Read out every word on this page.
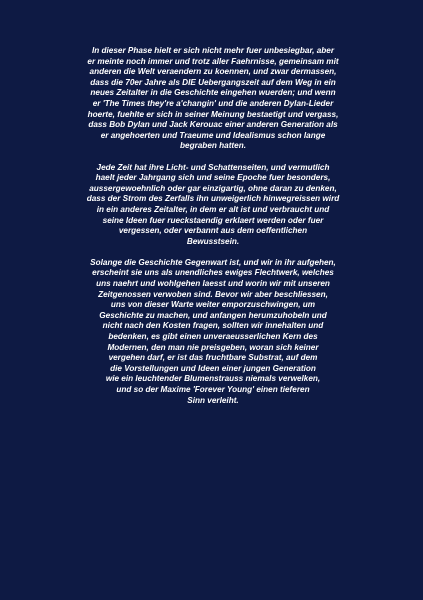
In dieser Phase hielt er sich nicht mehr fuer unbesiegbar, aber
er meinte noch immer und trotz aller Faehrnisse, gemeinsam mit
anderen die Welt veraendern zu koennen, und zwar dermassen,
dass die 70er Jahre als DIE Uebergangszeit auf dem Weg in ein
neues Zeitalter in die Geschichte eingehen wuerden; und wenn
er 'The Times they're a'changin' und die anderen Dylan-Lieder
hoerte, fuehlte er sich in seiner Meinung bestaetigt und vergass,
dass Bob Dylan und Jack Kerouac einer anderen Generation als
er angehoerten und Traeume und Idealismus schon lange
begraben hatten.

Jede Zeit hat ihre Licht- und Schattenseiten, und vermutlich
haelt jeder Jahrgang sich und seine Epoche fuer besonders,
aussergewoehnlich oder gar einzigartig, ohne daran zu denken,
dass der Strom des Zerfalls ihn unweigerlich hinwegreissen wird
in ein anderes Zeitalter, in dem er alt ist und verbraucht und
seine Ideen fuer rueckstaendig erklaert werden oder fuer
vergessen, oder verbannt aus dem oeffentlichen
Bewusstsein.

Solange die Geschichte Gegenwart ist, und wir in ihr aufgehen,
erscheint sie uns als unendliches ewiges Flechtwerk, welches
uns naehrt und wohlgehen laesst und worin wir mit unseren
Zeitgenossen verwoben sind. Bevor wir aber beschliessen,
uns von dieser Warte weiter emporzuschwingen, um
Geschichte zu machen, und anfangen herumzuhobeln und
nicht nach den Kosten fragen, sollten wir innehalten und
bedenken, es gibt einen unveraeusserlichen Kern des
Modernen, den man nie preisgeben, woran sich keiner
vergehen darf, er ist das fruchtbare Substrat, auf dem
die Vorstellungen und Ideen einer jungen Generation
wie ein leuchtender Blumenstrauss niemals verwelken,
und so der Maxime 'Forever Young' einen tieferen
Sinn verleiht.
